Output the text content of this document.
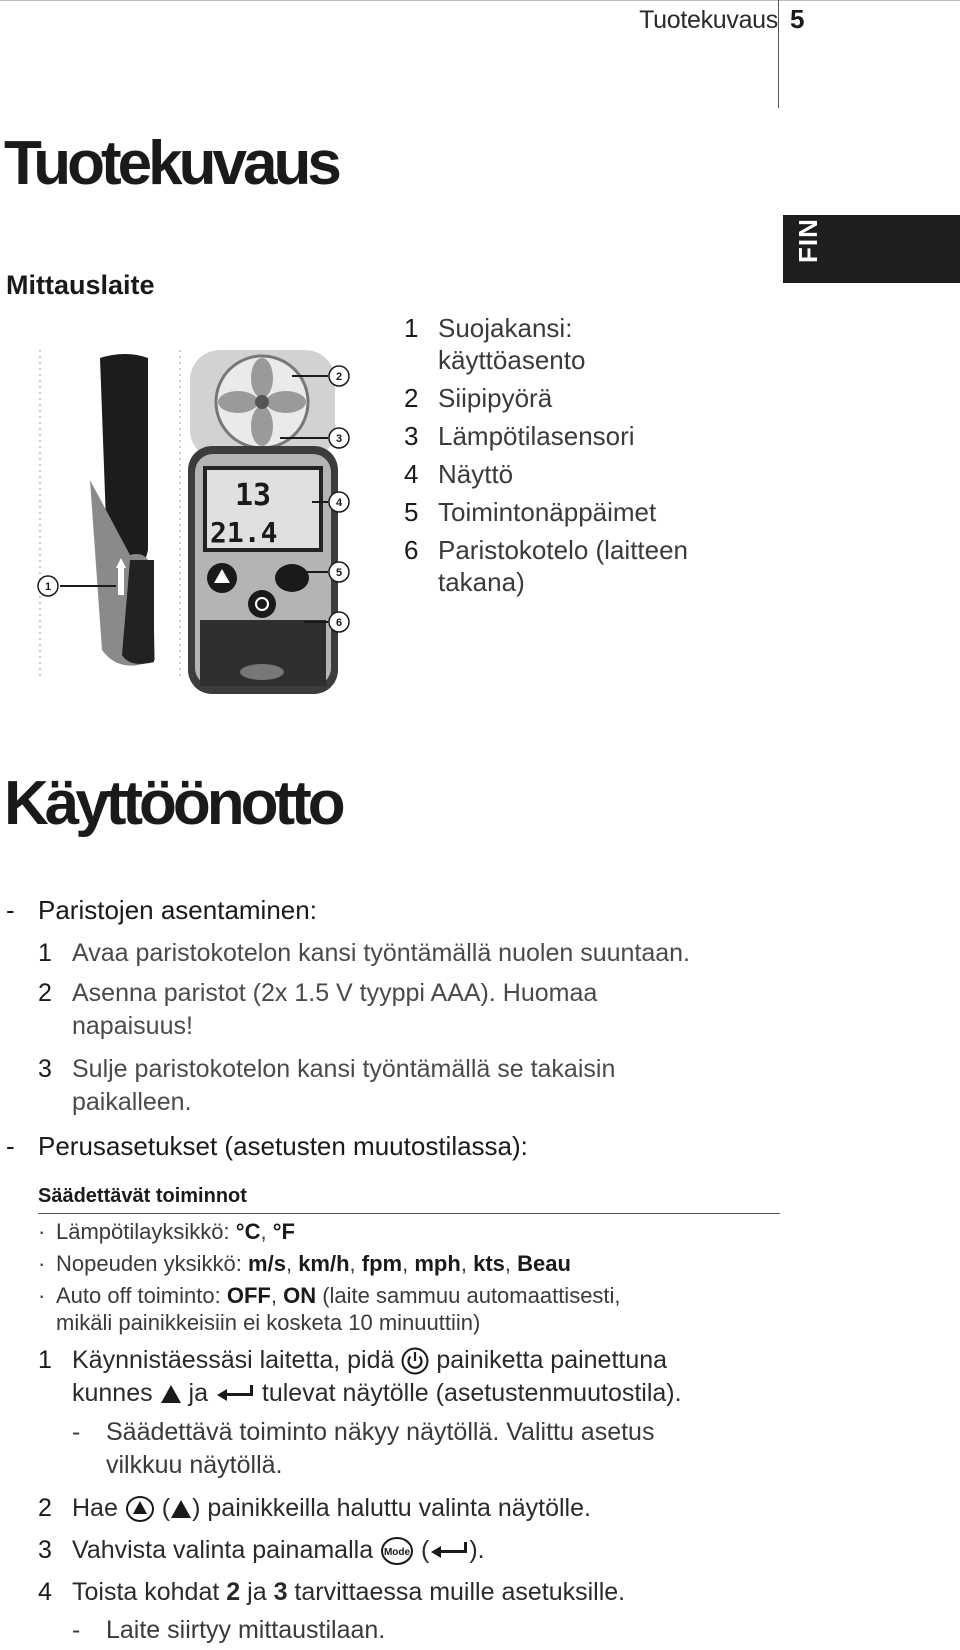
Tuotekuvaus 5
FIN
Tuotekuvaus
Mittauslaite
1 Suojakansi:
käyttöasento
2 Siipipyörä
3 Lämpötilasensori
4 Näyttö
5 Toimintonäppäimet
6 Paristokotelo (laitteen
takana)
13
21.4
1
2
3
4
5
6
Käyttöönotto
- Paristojen asentaminen:
1 Avaa paristokotelon kansi työntämällä nuolen suuntaan.
2 Asenna paristot (2x 1.5 V tyyppi AAA). Huomaa
napaisuus!
3 Sulje paristokotelon kansi työntämällä se takaisin
paikalleen.
- Perusasetukset (asetusten muutostilassa):
Säädettävät toiminnot
· Lämpötilayksikkö: °C, °F
· Nopeuden yksikkö: m/s, km/h, fpm, mph, kts, Beau
· Auto off toiminto: OFF, ON (laite sammuu automaattisesti,
mikäli painikkeisiin ei kosketa 10 minuuttiin)
1 Käynnistäessäsi laitetta, pidä painiketta painettuna
kunnes ja tulevat näytölle (asetustenmuutostila).
-	Säädettävä toiminto näkyy näytöllä. Valittu asetus
vilkkuu näytöllä.
2 Hae ( ) painikkeilla haluttu valinta näytölle.
3 Vahvista valinta painamalla Mode ( ).
4 Toista kohdat 2 ja 3 tarvittaessa muille asetuksille.
-	Laite siirtyy mittaustilaan.
